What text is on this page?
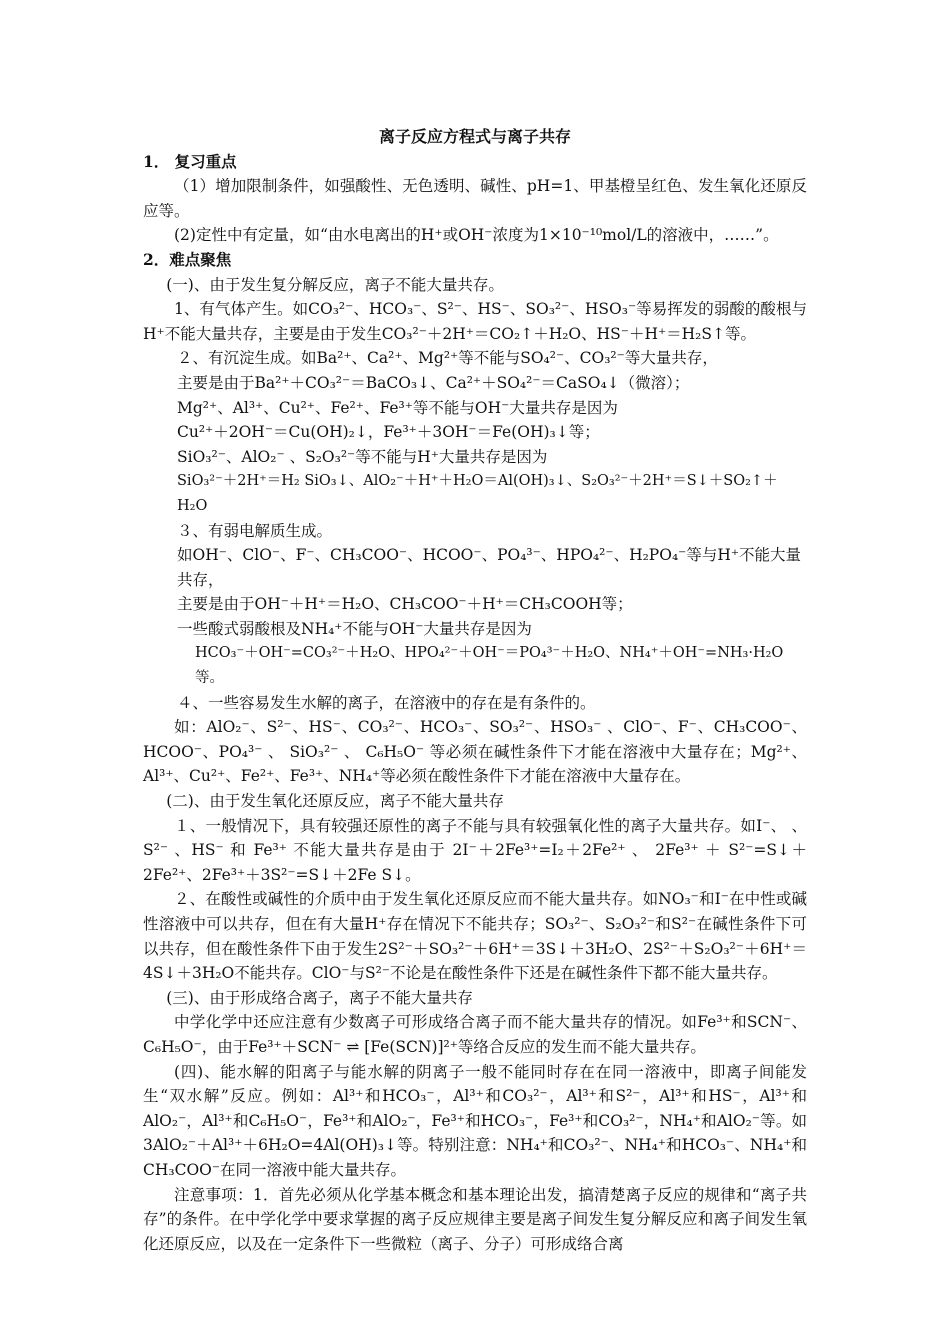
离子反应方程式与离子共存

1． 复习重点

（1）增加限制条件，如强酸性、无色透明、碱性、pH=1、甲基橙呈红色、发生氧化还原反应等。

(2)定性中有定量，如“由水电离出的H⁺或OH⁻浓度为1×10⁻¹⁰mol/L的溶液中，……”。

2．难点聚焦

(一)、由于发生复分解反应，离子不能大量共存。

1、有气体产生。如CO₃²⁻、HCO₃⁻、S²⁻、HS⁻、SO₃²⁻、HSO₃⁻等易挥发的弱酸的酸根与H⁺不能大量共存，主要是由于发生CO₃²⁻＋2H⁺＝CO₂↑＋H₂O、HS⁻＋H⁺＝H₂S↑等。

２、有沉淀生成。如Ba²⁺、Ca²⁺、Mg²⁺等不能与SO₄²⁻、CO₃²⁻等大量共存，

主要是由于Ba²⁺＋CO₃²⁻＝BaCO₃↓、Ca²⁺＋SO₄²⁻＝CaSO₄↓（微溶）；

Mg²⁺、Al³⁺、Cu²⁺、Fe²⁺、Fe³⁺等不能与OH⁻大量共存是因为

Cu²⁺＋2OH⁻＝Cu(OH)₂↓，Fe³⁺＋3OH⁻＝Fe(OH)₃↓等；

SiO₃²⁻、AlO₂⁻ 、S₂O₃²⁻等不能与H⁺大量共存是因为

SiO₃²⁻＋2H⁺＝H₂ SiO₃↓、AlO₂⁻＋H⁺＋H₂O＝Al(OH)₃↓、S₂O₃²⁻＋2H⁺＝S↓＋SO₂↑＋H₂O

３、有弱电解质生成。

如OH⁻、ClO⁻、F⁻、CH₃COO⁻、HCOO⁻、PO₄³⁻、HPO₄²⁻、H₂PO₄⁻等与H⁺不能大量共存，

主要是由于OH⁻＋H⁺＝H₂O、CH₃COO⁻＋H⁺＝CH₃COOH等；

一些酸式弱酸根及NH₄⁺不能与OH⁻大量共存是因为

HCO₃⁻＋OH⁻=CO₃²⁻＋H₂O、HPO₄²⁻＋OH⁻＝PO₄³⁻＋H₂O、NH₄⁺＋OH⁻=NH₃·H₂O等。

４、一些容易发生水解的离子，在溶液中的存在是有条件的。

如：AlO₂⁻、S²⁻、HS⁻、CO₃²⁻、HCO₃⁻、SO₃²⁻、HSO₃⁻ 、ClO⁻、F⁻、CH₃COO⁻、HCOO⁻、PO₄³⁻ 、 SiO₃²⁻ 、 C₆H₅O⁻ 等必须在碱性条件下才能在溶液中大量存在；Mg²⁺、Al³⁺、Cu²⁺、Fe²⁺、Fe³⁺、NH₄⁺等必须在酸性条件下才能在溶液中大量存在。

(二)、由于发生氧化还原反应，离子不能大量共存

１、一般情况下，具有较强还原性的离子不能与具有较强氧化性的离子大量共存。如I⁻、 、S²⁻ 、HS⁻ 和 Fe³⁺ 不能大量共存是由于 2I⁻＋2Fe³⁺=I₂＋2Fe²⁺ 、 2Fe³⁺ ＋ S²⁻=S↓＋2Fe²⁺、2Fe³⁺＋3S²⁻=S↓＋2Fe S↓。

２、在酸性或碱性的介质中由于发生氧化还原反应而不能大量共存。如NO₃⁻和I⁻在中性或碱性溶液中可以共存，但在有大量H⁺存在情况下不能共存；SO₃²⁻、S₂O₃²⁻和S²⁻在碱性条件下可以共存，但在酸性条件下由于发生2S²⁻＋SO₃²⁻＋6H⁺＝3S↓＋3H₂O、2S²⁻＋S₂O₃²⁻＋6H⁺＝4S↓＋3H₂O不能共存。ClO⁻与S²⁻不论是在酸性条件下还是在碱性条件下都不能大量共存。

(三)、由于形成络合离子，离子不能大量共存

中学化学中还应注意有少数离子可形成络合离子而不能大量共存的情况。如Fe³⁺和SCN⁻、C₆H₅O⁻，由于Fe³⁺＋SCN⁻ ⇌ [Fe(SCN)]²⁺等络合反应的发生而不能大量共存。

(四)、能水解的阳离子与能水解的阴离子一般不能同时存在在同一溶液中，即离子间能发生“双水解”反应。例如：Al³⁺和HCO₃⁻，Al³⁺和CO₃²⁻，Al³⁺和S²⁻，Al³⁺和HS⁻，Al³⁺和AlO₂⁻，Al³⁺和C₆H₅O⁻，Fe³⁺和AlO₂⁻，Fe³⁺和HCO₃⁻，Fe³⁺和CO₃²⁻，NH₄⁺和AlO₂⁻等。如3AlO₂⁻＋Al³⁺＋6H₂O=4Al(OH)₃↓等。特别注意：NH₄⁺和CO₃²⁻、NH₄⁺和HCO₃⁻、NH₄⁺和CH₃COO⁻在同一溶液中能大量共存。

注意事项：1．首先必须从化学基本概念和基本理论出发，搞清楚离子反应的规律和“离子共存”的条件。在中学化学中要求掌握的离子反应规律主要是离子间发生复分解反应和离子间发生氧化还原反应，以及在一定条件下一些微粒（离子、分子）可形成络合离
